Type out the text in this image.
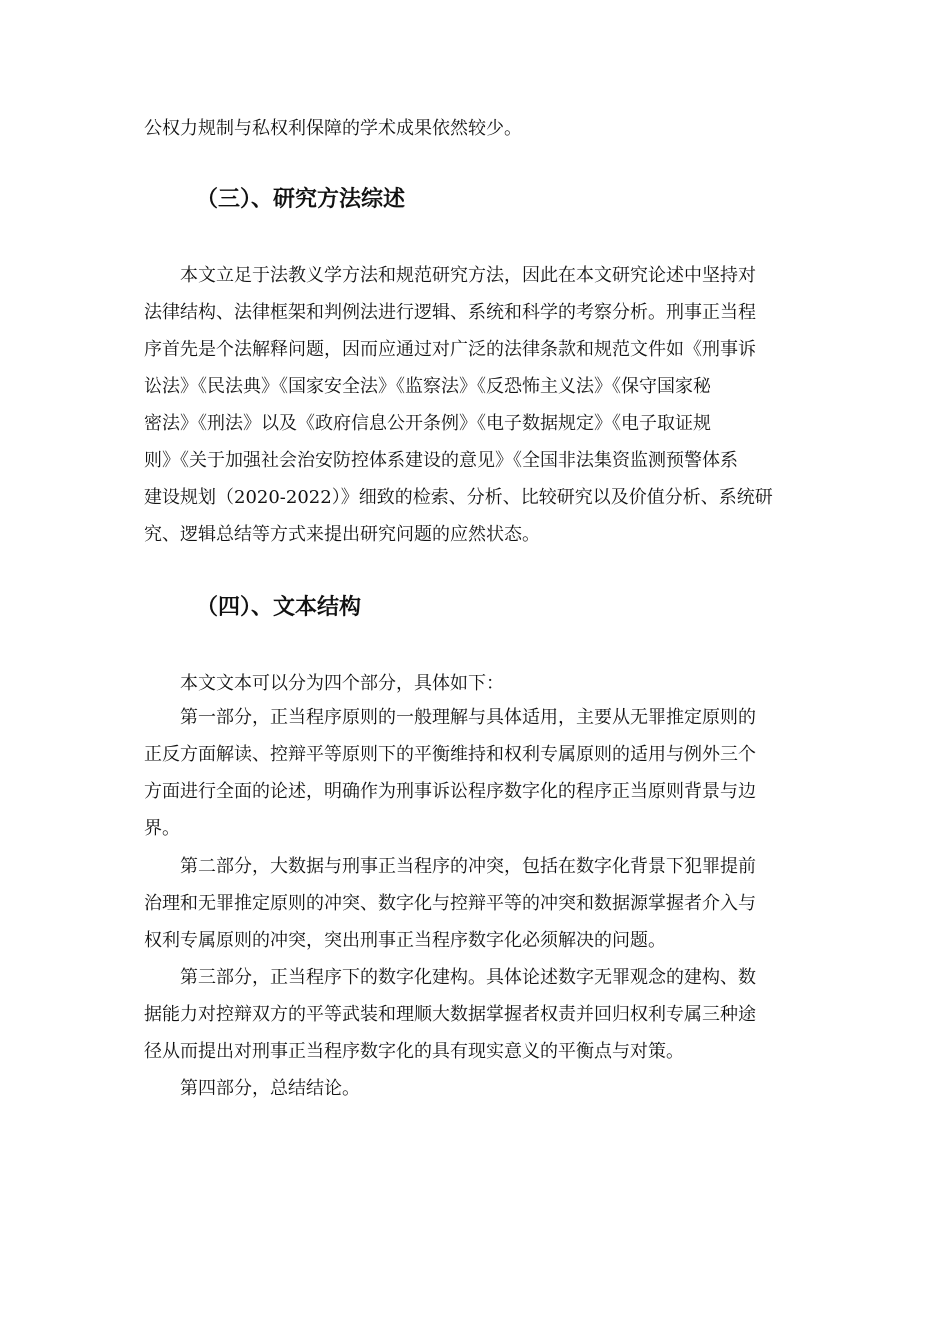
公权力规制与私权利保障的学术成果依然较少。
（三）、研究方法综述
本文立足于法教义学方法和规范研究方法，因此在本文研究论述中坚持对
法律结构、法律框架和判例法进行逻辑、系统和科学的考察分析。刑事正当程
序首先是个法解释问题，因而应通过对广泛的法律条款和规范文件如《刑事诉
讼法》《民法典》《国家安全法》《监察法》《反恐怖主义法》《保守国家秘
密法》《刑法》以及《政府信息公开条例》《电子数据规定》《电子取证规
则》《关于加强社会治安防控体系建设的意见》《全国非法集资监测预警体系
建设规划（2020-2022）》细致的检索、分析、比较研究以及价值分析、系统研
究、逻辑总结等方式来提出研究问题的应然状态。
（四）、文本结构
本文文本可以分为四个部分，具体如下：
第一部分，正当程序原则的一般理解与具体适用，主要从无罪推定原则的
正反方面解读、控辩平等原则下的平衡维持和权利专属原则的适用与例外三个
方面进行全面的论述，明确作为刑事诉讼程序数字化的程序正当原则背景与边
界。
第二部分，大数据与刑事正当程序的冲突，包括在数字化背景下犯罪提前
治理和无罪推定原则的冲突、数字化与控辩平等的冲突和数据源掌握者介入与
权利专属原则的冲突，突出刑事正当程序数字化必须解决的问题。
第三部分，正当程序下的数字化建构。具体论述数字无罪观念的建构、数
据能力对控辩双方的平等武装和理顺大数据掌握者权责并回归权利专属三种途
径从而提出对刑事正当程序数字化的具有现实意义的平衡点与对策。
第四部分，总结结论。
